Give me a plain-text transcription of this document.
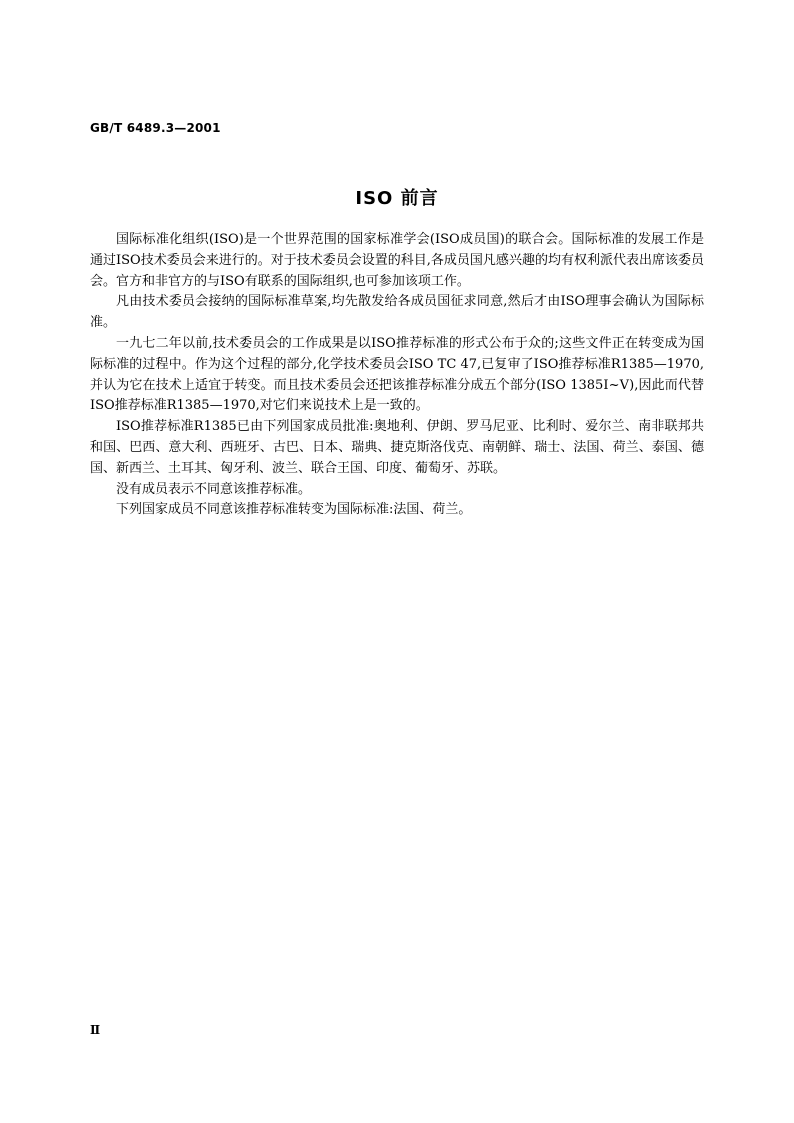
GB/T 6489.3—2001
ISO 前言

国际标准化组织(ISO)是一个世界范围的国家标准学会(ISO成员国)的联合会。国际标准的发展工作是通过ISO技术委员会来进行的。对于技术委员会设置的科目,各成员国凡感兴趣的均有权利派代表出席该委员会。官方和非官方的与ISO有联系的国际组织,也可参加该项工作。

凡由技术委员会接纳的国际标准草案,均先散发给各成员国征求同意,然后才由ISO理事会确认为国际标准。

一九七二年以前,技术委员会的工作成果是以ISO推荐标准的形式公布于众的;这些文件正在转变成为国际标准的过程中。作为这个过程的部分,化学技术委员会ISO TC 47,已复审了ISO推荐标准R1385—1970,并认为它在技术上适宜于转变。而且技术委员会还把该推荐标准分成五个部分(ISO 1385Ⅰ~Ⅴ),因此而代替ISO推荐标准R1385—1970,对它们来说技术上是一致的。

ISO推荐标准R1385已由下列国家成员批准:奥地利、伊朗、罗马尼亚、比利时、爱尔兰、南非联邦共和国、巴西、意大利、西班牙、古巴、日本、瑞典、捷克斯洛伐克、南朝鲜、瑞士、法国、荷兰、泰国、德国、新西兰、土耳其、匈牙利、波兰、联合王国、印度、葡萄牙、苏联。

没有成员表示不同意该推荐标准。

下列国家成员不同意该推荐标准转变为国际标准:法国、荷兰。

Ⅱ
